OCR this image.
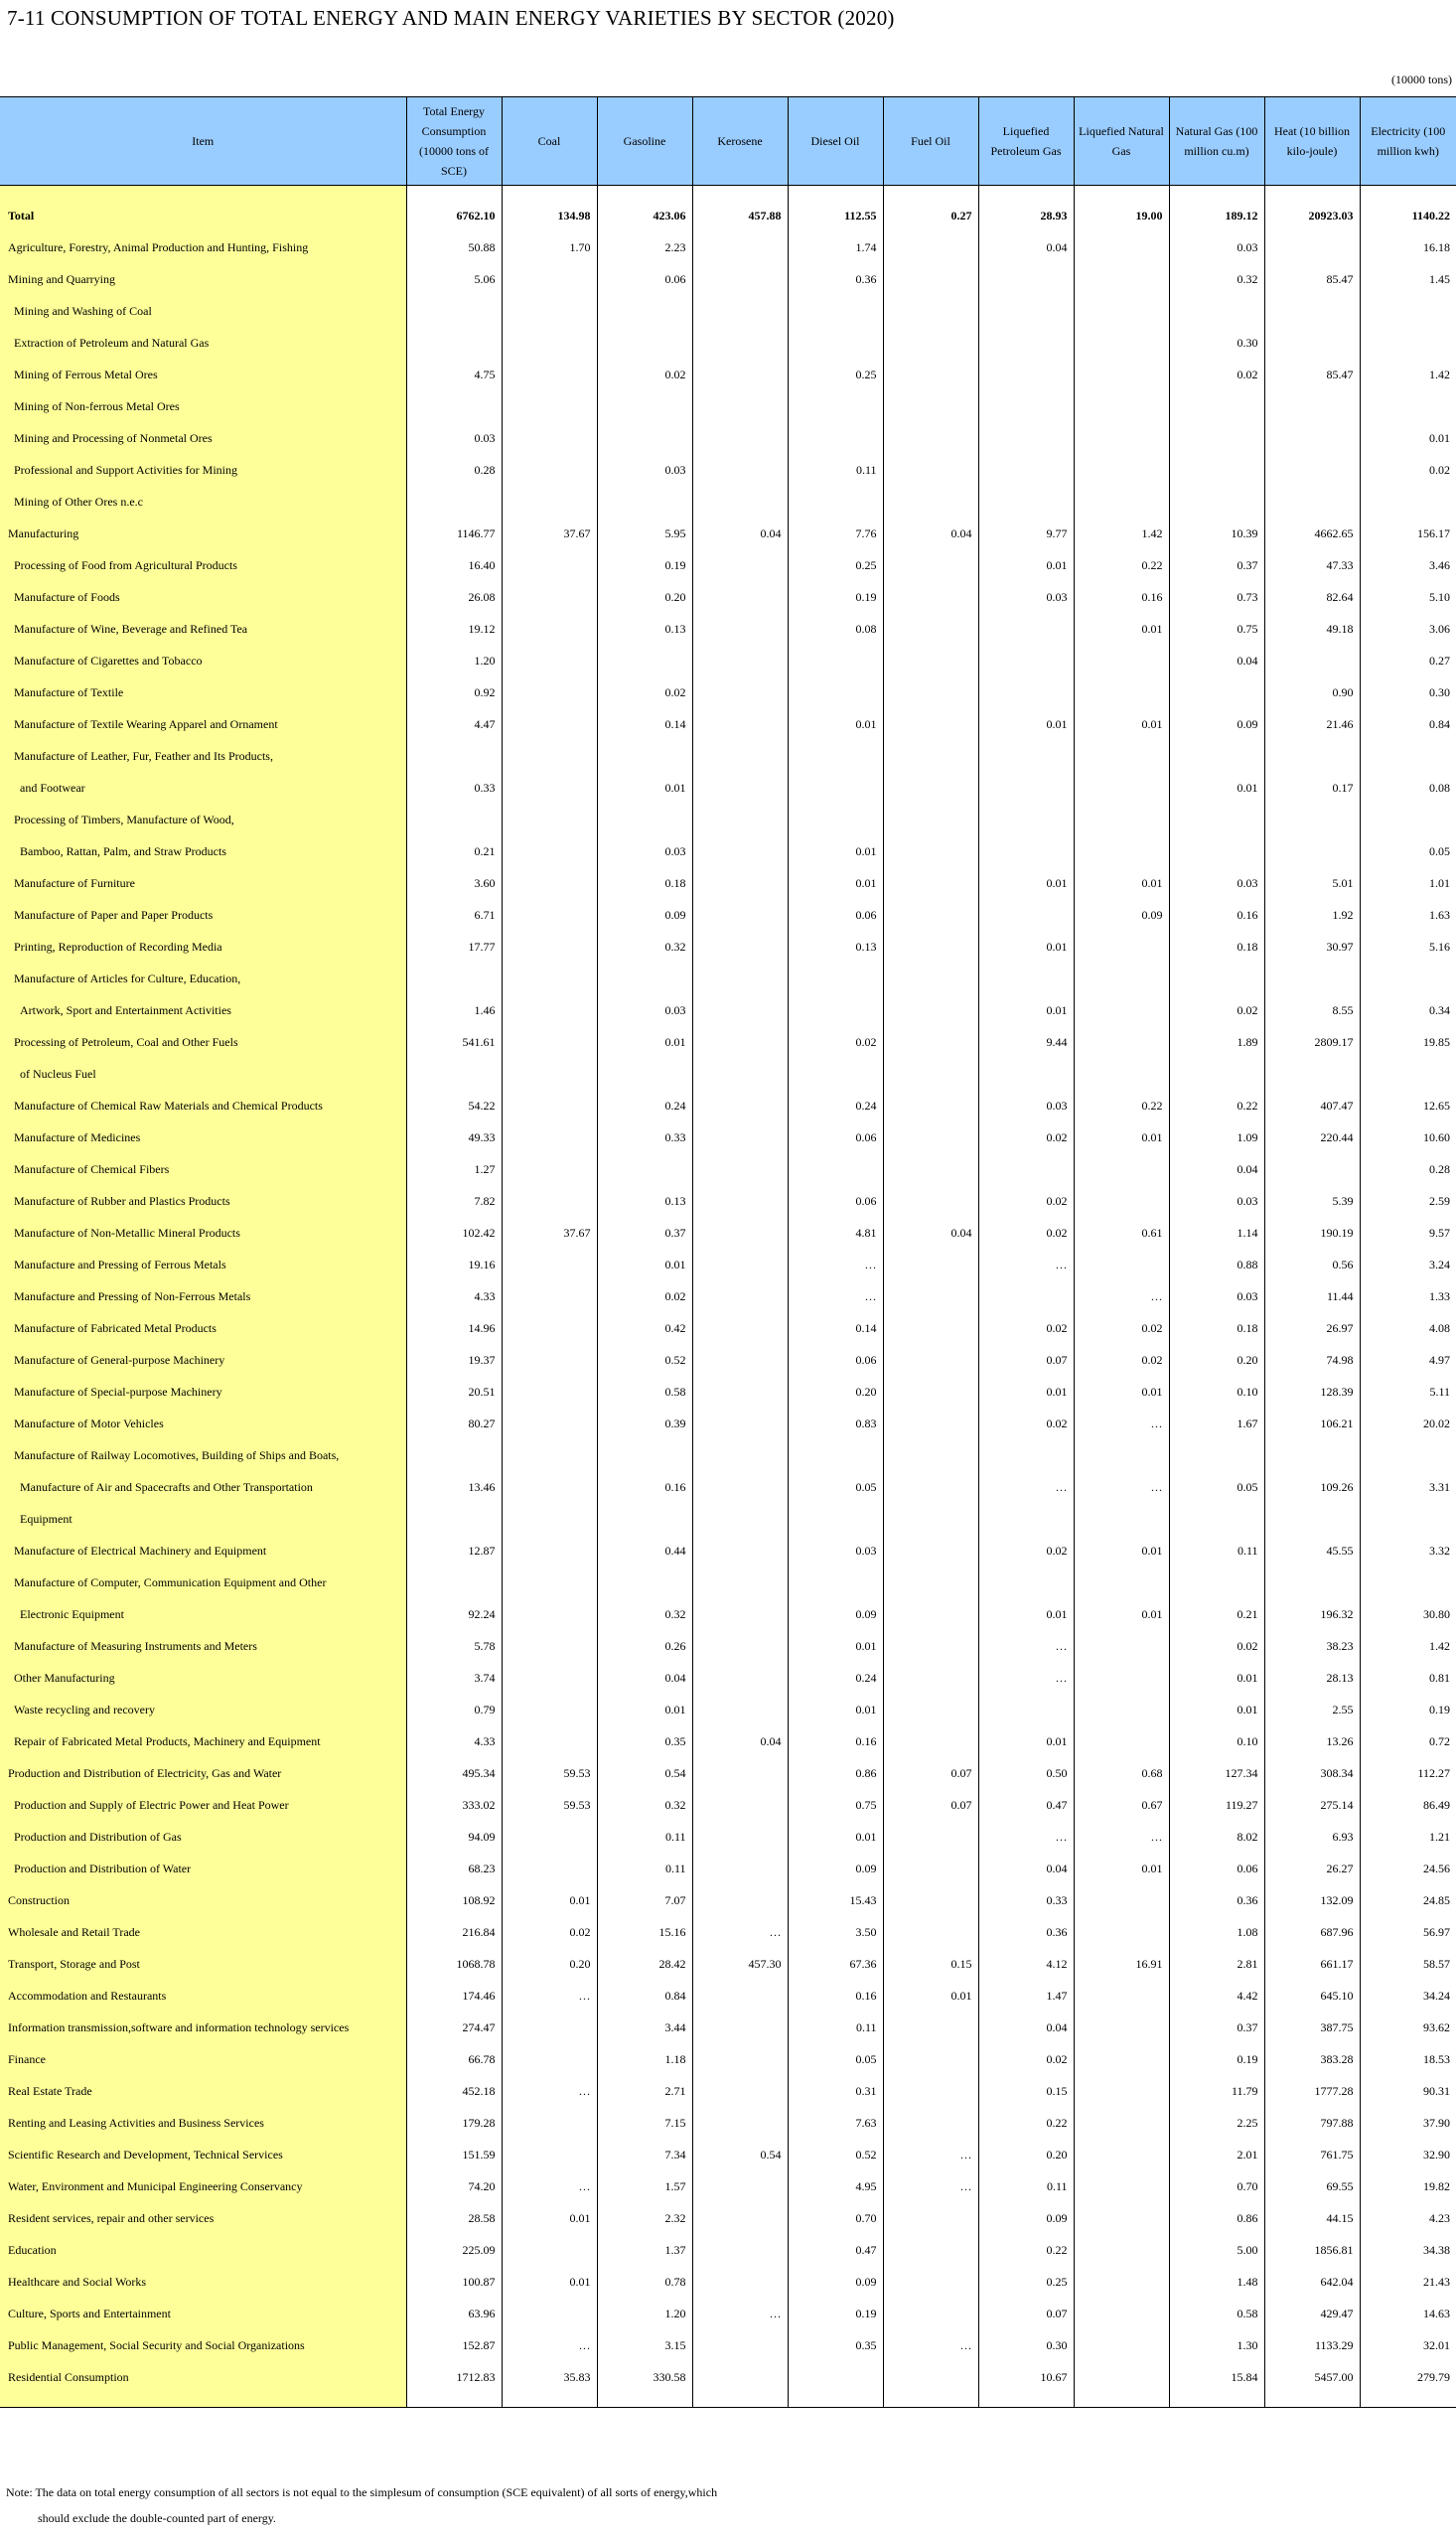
7-11 CONSUMPTION OF TOTAL ENERGY AND MAIN ENERGY VARIETIES BY SECTOR (2020)
(10000 tons)
Item	Total Energy Consumption (10000 tons of SCE)	Coal	Gasoline	Kerosene	Diesel Oil	Fuel Oil	Liquefied Petroleum Gas	Liquefied Natural Gas	Natural Gas (100 million cu.m)	Heat (10 billion kilo-joule)	Electricity (100 million kwh)

Total	6762.10	134.98	423.06	457.88	112.55	0.27	28.93	19.00	189.12	20923.03	1140.22
Agriculture, Forestry, Animal Production and Hunting, Fishing	50.88	1.70	2.23		1.74		0.04		0.03		16.18
Mining and Quarrying	5.06		0.06		0.36				0.32	85.47	1.45
Mining and Washing of Coal											
Extraction of Petroleum and Natural Gas									0.30		
Mining of Ferrous Metal Ores	4.75		0.02		0.25				0.02	85.47	1.42
Mining of Non-ferrous Metal Ores											
Mining and Processing of Nonmetal Ores	0.03										0.01
Professional and Support Activities for Mining	0.28		0.03		0.11						0.02
Mining of Other Ores n.e.c											
Manufacturing	1146.77	37.67	5.95	0.04	7.76	0.04	9.77	1.42	10.39	4662.65	156.17
Processing of Food from Agricultural Products	16.40		0.19		0.25		0.01	0.22	0.37	47.33	3.46
Manufacture of Foods	26.08		0.20		0.19		0.03	0.16	0.73	82.64	5.10
Manufacture of Wine, Beverage and Refined Tea	19.12		0.13		0.08			0.01	0.75	49.18	3.06
Manufacture of Cigarettes and Tobacco	1.20								0.04		0.27
Manufacture of Textile	0.92		0.02							0.90	0.30
Manufacture of Textile Wearing Apparel and Ornament	4.47		0.14		0.01		0.01	0.01	0.09	21.46	0.84
Manufacture of Leather, Fur, Feather and Its Products,											
and Footwear	0.33		0.01						0.01	0.17	0.08
Processing of Timbers, Manufacture of Wood,											
Bamboo, Rattan, Palm, and Straw Products	0.21		0.03		0.01						0.05
Manufacture of Furniture	3.60		0.18		0.01		0.01	0.01	0.03	5.01	1.01
Manufacture of Paper and Paper Products	6.71		0.09		0.06			0.09	0.16	1.92	1.63
Printing, Reproduction of Recording Media	17.77		0.32		0.13		0.01		0.18	30.97	5.16
Manufacture of Articles for Culture, Education,											
Artwork, Sport and Entertainment Activities	1.46		0.03				0.01		0.02	8.55	0.34
Processing of Petroleum, Coal and Other Fuels	541.61		0.01		0.02		9.44		1.89	2809.17	19.85
of Nucleus Fuel											
Manufacture of Chemical Raw Materials and Chemical Products	54.22		0.24		0.24		0.03	0.22	0.22	407.47	12.65
Manufacture of Medicines	49.33		0.33		0.06		0.02	0.01	1.09	220.44	10.60
Manufacture of Chemical Fibers	1.27								0.04		0.28
Manufacture of Rubber and Plastics Products	7.82		0.13		0.06		0.02		0.03	5.39	2.59
Manufacture of Non-Metallic Mineral Products	102.42	37.67	0.37		4.81	0.04	0.02	0.61	1.14	190.19	9.57
Manufacture and Pressing of Ferrous Metals	19.16		0.01		…		…		0.88	0.56	3.24
Manufacture and Pressing of Non-Ferrous Metals	4.33		0.02		…			…	0.03	11.44	1.33
Manufacture of Fabricated Metal Products	14.96		0.42		0.14		0.02	0.02	0.18	26.97	4.08
Manufacture of General-purpose Machinery	19.37		0.52		0.06		0.07	0.02	0.20	74.98	4.97
Manufacture of Special-purpose Machinery	20.51		0.58		0.20		0.01	0.01	0.10	128.39	5.11
Manufacture of Motor Vehicles	80.27		0.39		0.83		0.02	…	1.67	106.21	20.02
Manufacture of Railway Locomotives, Building of Ships and Boats,											
Manufacture of Air and Spacecrafts and Other Transportation	13.46		0.16		0.05		…	…	0.05	109.26	3.31
Equipment											
Manufacture of Electrical Machinery and Equipment	12.87		0.44		0.03		0.02	0.01	0.11	45.55	3.32
Manufacture of Computer, Communication Equipment and Other											
Electronic Equipment	92.24		0.32		0.09		0.01	0.01	0.21	196.32	30.80
Manufacture of Measuring Instruments and Meters	5.78		0.26		0.01		…		0.02	38.23	1.42
Other Manufacturing	3.74		0.04		0.24		…		0.01	28.13	0.81
Waste recycling and recovery	0.79		0.01		0.01				0.01	2.55	0.19
Repair of Fabricated Metal Products, Machinery and Equipment	4.33		0.35	0.04	0.16		0.01		0.10	13.26	0.72
Production and Distribution of Electricity, Gas and Water	495.34	59.53	0.54		0.86	0.07	0.50	0.68	127.34	308.34	112.27
Production and Supply of Electric Power and Heat Power	333.02	59.53	0.32		0.75	0.07	0.47	0.67	119.27	275.14	86.49
Production and Distribution of Gas	94.09		0.11		0.01		…	…	8.02	6.93	1.21
Production and Distribution of Water	68.23		0.11		0.09		0.04	0.01	0.06	26.27	24.56
Construction	108.92	0.01	7.07		15.43		0.33		0.36	132.09	24.85
Wholesale and Retail Trade	216.84	0.02	15.16	…	3.50		0.36		1.08	687.96	56.97
Transport, Storage and Post	1068.78	0.20	28.42	457.30	67.36	0.15	4.12	16.91	2.81	661.17	58.57
Accommodation and Restaurants	174.46	…	0.84		0.16	0.01	1.47		4.42	645.10	34.24
Information transmission,software and information technology services	274.47		3.44		0.11		0.04		0.37	387.75	93.62
Finance	66.78		1.18		0.05		0.02		0.19	383.28	18.53
Real Estate Trade	452.18	…	2.71		0.31		0.15		11.79	1777.28	90.31
Renting and Leasing Activities and Business Services	179.28		7.15		7.63		0.22		2.25	797.88	37.90
Scientific Research and Development, Technical Services	151.59		7.34	0.54	0.52	…	0.20		2.01	761.75	32.90
Water, Environment and Municipal Engineering Conservancy	74.20	…	1.57		4.95	…	0.11		0.70	69.55	19.82
Resident services, repair and other services	28.58	0.01	2.32		0.70		0.09		0.86	44.15	4.23
Education	225.09		1.37		0.47		0.22		5.00	1856.81	34.38
Healthcare and Social Works	100.87	0.01	0.78		0.09		0.25		1.48	642.04	21.43
Culture, Sports and Entertainment	63.96		1.20	…	0.19		0.07		0.58	429.47	14.63
Public Management, Social Security and Social Organizations	152.87	…	3.15		0.35	…	0.30		1.30	1133.29	32.01
Residential Consumption	1712.83	35.83	330.58				10.67		15.84	5457.00	279.79

Note: The data on total energy consumption of all sectors is not equal to the simplesum of consumption (SCE equivalent) of all sorts of energy,which
should exclude the double-counted part of energy.
